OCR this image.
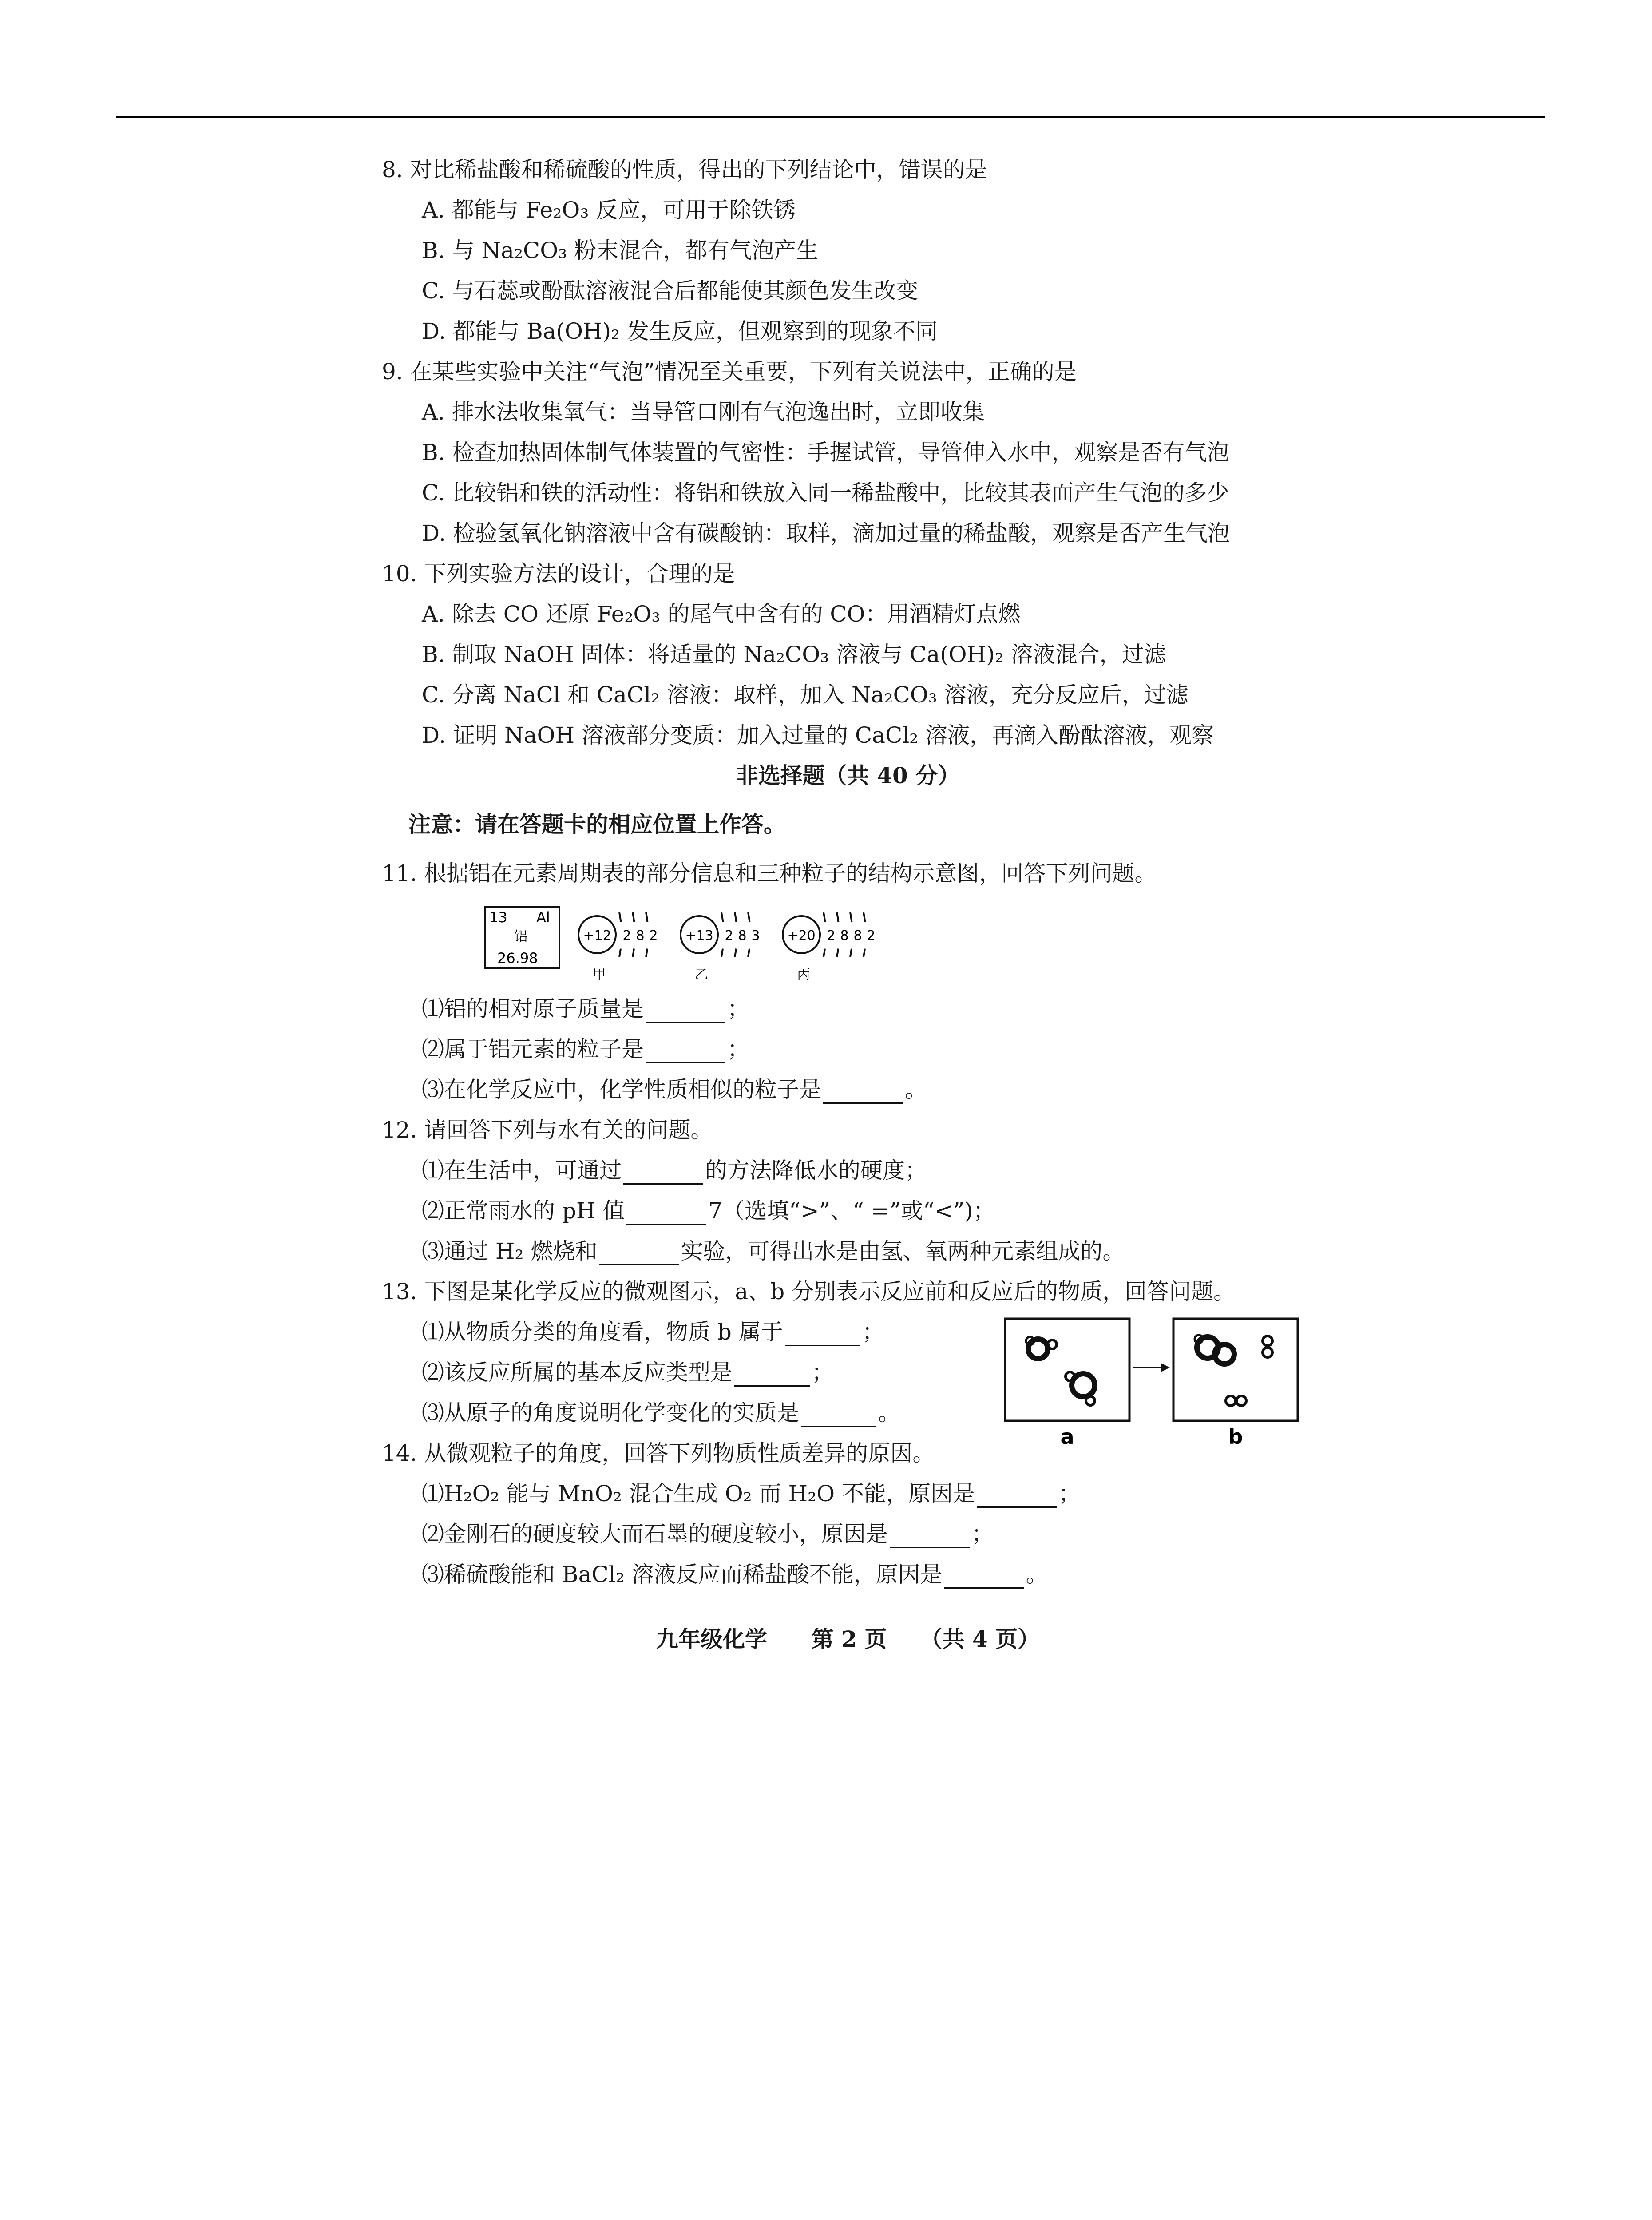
8. 对比稀盐酸和稀硫酸的性质，得出的下列结论中，错误的是
A. 都能与 Fe₂O₃ 反应，可用于除铁锈
B. 与 Na₂CO₃ 粉末混合，都有气泡产生
C. 与石蕊或酚酞溶液混合后都能使其颜色发生改变
D. 都能与 Ba(OH)₂ 发生反应，但观察到的现象不同
9. 在某些实验中关注“气泡”情况至关重要，下列有关说法中，正确的是
A. 排水法收集氧气：当导管口刚有气泡逸出时，立即收集
B. 检查加热固体制气体装置的气密性：手握试管，导管伸入水中，观察是否有气泡
C. 比较铝和铁的活动性：将铝和铁放入同一稀盐酸中，比较其表面产生气泡的多少
D. 检验氢氧化钠溶液中含有碳酸钠：取样，滴加过量的稀盐酸，观察是否产生气泡
10. 下列实验方法的设计，合理的是
A. 除去 CO 还原 Fe₂O₃ 的尾气中含有的 CO：用酒精灯点燃
B. 制取 NaOH 固体：将适量的 Na₂CO₃ 溶液与 Ca(OH)₂ 溶液混合，过滤
C. 分离 NaCl 和 CaCl₂ 溶液：取样，加入 Na₂CO₃ 溶液，充分反应后，过滤
D. 证明 NaOH 溶液部分变质：加入过量的 CaCl₂ 溶液，再滴入酚酞溶液，观察
非选择题（共 40 分）
注意：请在答题卡的相应位置上作答。
11. 根据铝在元素周期表的部分信息和三种粒子的结构示意图，回答下列问题。
13 Al
铝
26.98
+12 2 8 2
甲
+13 2 8 3
乙
+20 2 8 8 2
丙
⑴铝的相对原子质量是	；
⑵属于铝元素的粒子是	；
⑶在化学反应中，化学性质相似的粒子是	。
12. 请回答下列与水有关的问题。
⑴在生活中，可通过	的方法降低水的硬度；
⑵正常雨水的 pH 值	7（选填“>”、“ =”或“<”)；
⑶通过 H₂ 燃烧和	实验，可得出水是由氢、氧两种元素组成的。
13. 下图是某化学反应的微观图示，a、b 分别表示反应前和反应后的物质，回答问题。
⑴从物质分类的角度看，物质 b 属于	；
⑵该反应所属的基本反应类型是	；
⑶从原子的角度说明化学变化的实质是	。
a	b
14. 从微观粒子的角度，回答下列物质性质差异的原因。
⑴H₂O₂ 能与 MnO₂ 混合生成 O₂ 而 H₂O 不能，原因是	；
⑵金刚石的硬度较大而石墨的硬度较小，原因是	；
⑶稀硫酸能和 BaCl₂ 溶液反应而稀盐酸不能，原因是	。
九年级化学　　第 2 页　　（共 4 页）
